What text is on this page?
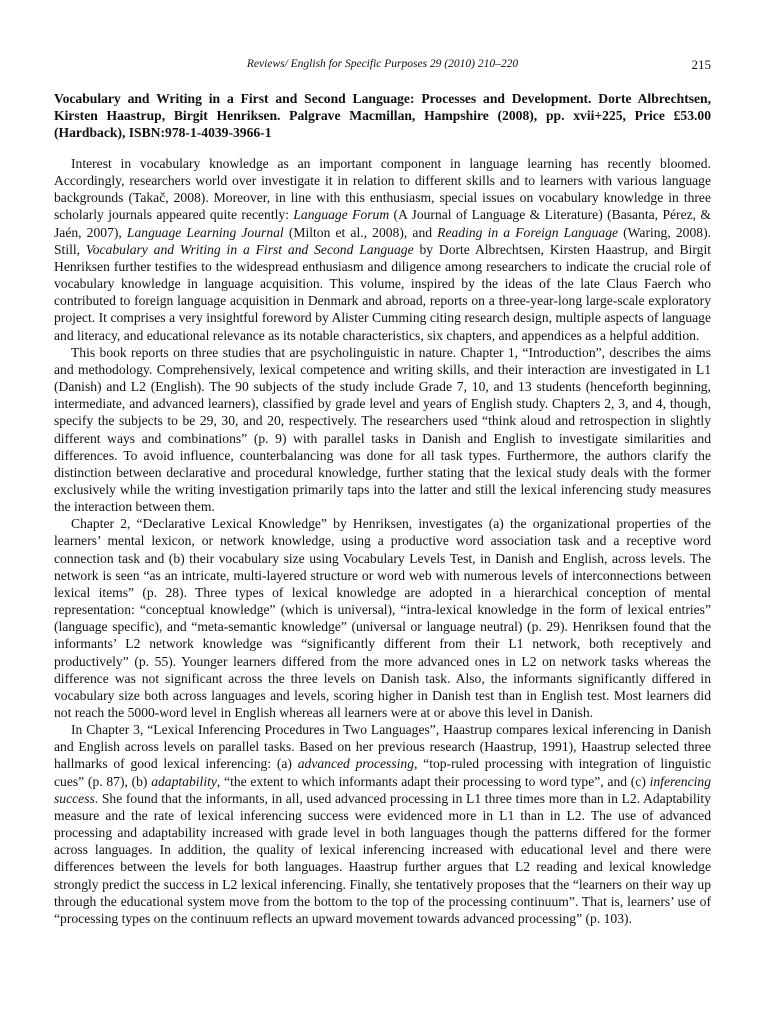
Reviews/ English for Specific Purposes 29 (2010) 210–220	215
Vocabulary and Writing in a First and Second Language: Processes and Development. Dorte Albrechtsen, Kirsten Haastrup, Birgit Henriksen. Palgrave Macmillan, Hampshire (2008), pp. xvii+225, Price £53.00 (Hardback), ISBN:978-1-4039-3966-1

Interest in vocabulary knowledge as an important component in language learning has recently bloomed. Accordingly, researchers world over investigate it in relation to different skills and to learners with various language backgrounds (Takač, 2008). Moreover, in line with this enthusiasm, special issues on vocabulary knowledge in three scholarly journals appeared quite recently: Language Forum (A Journal of Language & Literature) (Basanta, Pérez, & Jaén, 2007), Language Learning Journal (Milton et al., 2008), and Reading in a Foreign Language (Waring, 2008). Still, Vocabulary and Writing in a First and Second Language by Dorte Albrechtsen, Kirsten Haastrup, and Birgit Henriksen further testifies to the widespread enthusiasm and diligence among researchers to indicate the crucial role of vocabulary knowledge in language acquisition. This volume, inspired by the ideas of the late Claus Faerch who contributed to foreign language acquisition in Denmark and abroad, reports on a three-year-long large-scale exploratory project. It comprises a very insightful foreword by Alister Cumming citing research design, multiple aspects of language and literacy, and educational relevance as its notable characteristics, six chapters, and appendices as a helpful addition.

This book reports on three studies that are psycholinguistic in nature. Chapter 1, “Introduction”, describes the aims and methodology. Comprehensively, lexical competence and writing skills, and their interaction are investigated in L1 (Danish) and L2 (English). The 90 subjects of the study include Grade 7, 10, and 13 students (henceforth beginning, intermediate, and advanced learners), classified by grade level and years of English study. Chapters 2, 3, and 4, though, specify the subjects to be 29, 30, and 20, respectively. The researchers used “think aloud and retrospection in slightly different ways and combinations” (p. 9) with parallel tasks in Danish and English to investigate similarities and differences. To avoid influence, counterbalancing was done for all task types. Furthermore, the authors clarify the distinction between declarative and procedural knowledge, further stating that the lexical study deals with the former exclusively while the writing investigation primarily taps into the latter and still the lexical inferencing study measures the interaction between them.

Chapter 2, “Declarative Lexical Knowledge” by Henriksen, investigates (a) the organizational properties of the learners’ mental lexicon, or network knowledge, using a productive word association task and a receptive word connection task and (b) their vocabulary size using Vocabulary Levels Test, in Danish and English, across levels. The network is seen “as an intricate, multi-layered structure or word web with numerous levels of interconnections between lexical items” (p. 28). Three types of lexical knowledge are adopted in a hierarchical conception of mental representation: “conceptual knowledge” (which is universal), “intra-lexical knowledge in the form of lexical entries” (language specific), and “meta-semantic knowledge” (universal or language neutral) (p. 29). Henriksen found that the informants’ L2 network knowledge was “significantly different from their L1 network, both receptively and productively” (p. 55). Younger learners differed from the more advanced ones in L2 on network tasks whereas the difference was not significant across the three levels on Danish task. Also, the informants significantly differed in vocabulary size both across languages and levels, scoring higher in Danish test than in English test. Most learners did not reach the 5000-word level in English whereas all learners were at or above this level in Danish.

In Chapter 3, “Lexical Inferencing Procedures in Two Languages”, Haastrup compares lexical inferencing in Danish and English across levels on parallel tasks. Based on her previous research (Haastrup, 1991), Haastrup selected three hallmarks of good lexical inferencing: (a) advanced processing, “top-ruled processing with integration of linguistic cues” (p. 87), (b) adaptability, “the extent to which informants adapt their processing to word type”, and (c) inferencing success. She found that the informants, in all, used advanced processing in L1 three times more than in L2. Adaptability measure and the rate of lexical inferencing success were evidenced more in L1 than in L2. The use of advanced processing and adaptability increased with grade level in both languages though the patterns differed for the former across languages. In addition, the quality of lexical inferencing increased with educational level and there were differences between the levels for both languages. Haastrup further argues that L2 reading and lexical knowledge strongly predict the success in L2 lexical inferencing. Finally, she tentatively proposes that the “learners on their way up through the educational system move from the bottom to the top of the processing continuum”. That is, learners’ use of “processing types on the continuum reflects an upward movement towards advanced processing” (p. 103).
